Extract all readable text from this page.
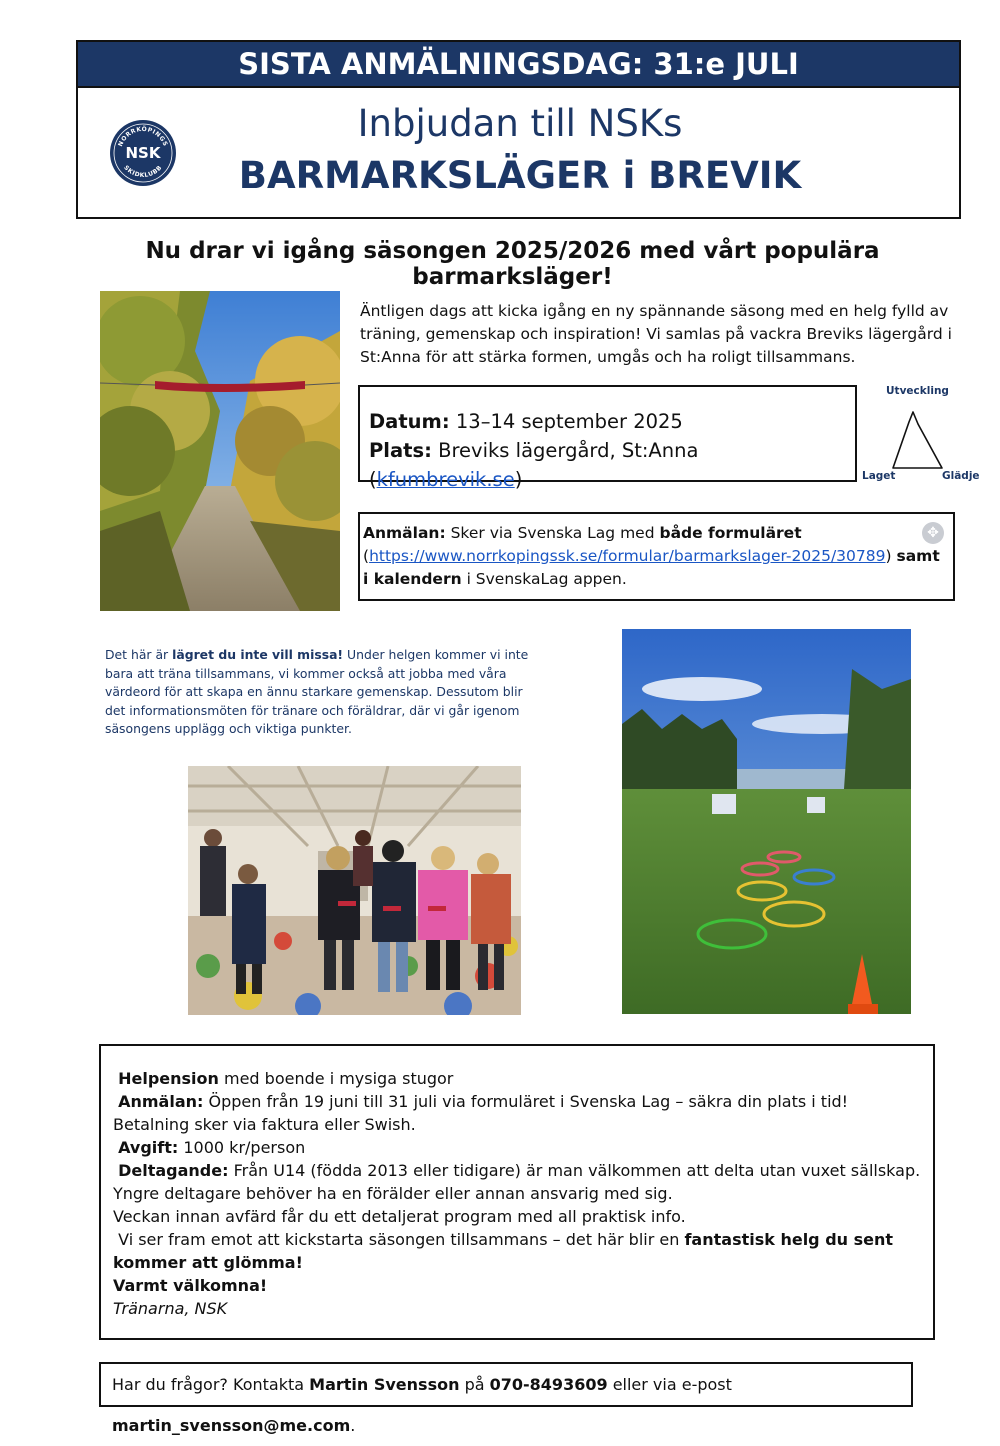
SISTA ANMÄLNINGSDAG: 31:e JULI
NORRKÖPINGS
SKIDKLUBB
NSK
Inbjudan till NSKs
BARMARKSLÄGER i BREVIK
Nu drar vi igång säsongen 2025/2026 med vårt populära barmarksläger!
Äntligen dags att kicka igång en ny spännande säsong med en helg fylld av träning, gemenskap och inspiration! Vi samlas på vackra Breviks lägergård i St:Anna för att stärka formen, umgås och ha roligt tillsammans.
Datum: 13–14 september 2025
Plats: Breviks lägergård, St:Anna (kfumbrevik.se)
Utveckling
Laget	Glädje
Anmälan: Sker via Svenska Lag med både formuläret
(https://www.norrkopingssk.se/formular/barmarkslager-2025/30789) samt i kalendern i SvenskaLag appen.
✥
Det här är lägret du inte vill missa! Under helgen kommer vi inte bara att träna tillsammans, vi kommer också att jobba med våra värdeord för att skapa en ännu starkare gemenskap. Dessutom blir det informationsmöten för tränare och föräldrar, där vi går igenom säsongens upplägg och viktiga punkter.
Helpension med boende i mysiga stugor
Anmälan: Öppen från 19 juni till 31 juli via formuläret i Svenska Lag – säkra din plats i tid! Betalning sker via faktura eller Swish.
Avgift: 1000 kr/person
Deltagande: Från U14 (födda 2013 eller tidigare) är man välkommen att delta utan vuxet sällskap. Yngre deltagare behöver ha en förälder eller annan ansvarig med sig.
Veckan innan avfärd får du ett detaljerat program med all praktisk info.
Vi ser fram emot att kickstarta säsongen tillsammans – det här blir en fantastisk helg du sent kommer att glömma!
Varmt välkomna!
Tränarna, NSK
Har du frågor? Kontakta Martin Svensson på 070-8493609 eller via e-post martin_svensson@me.com.
